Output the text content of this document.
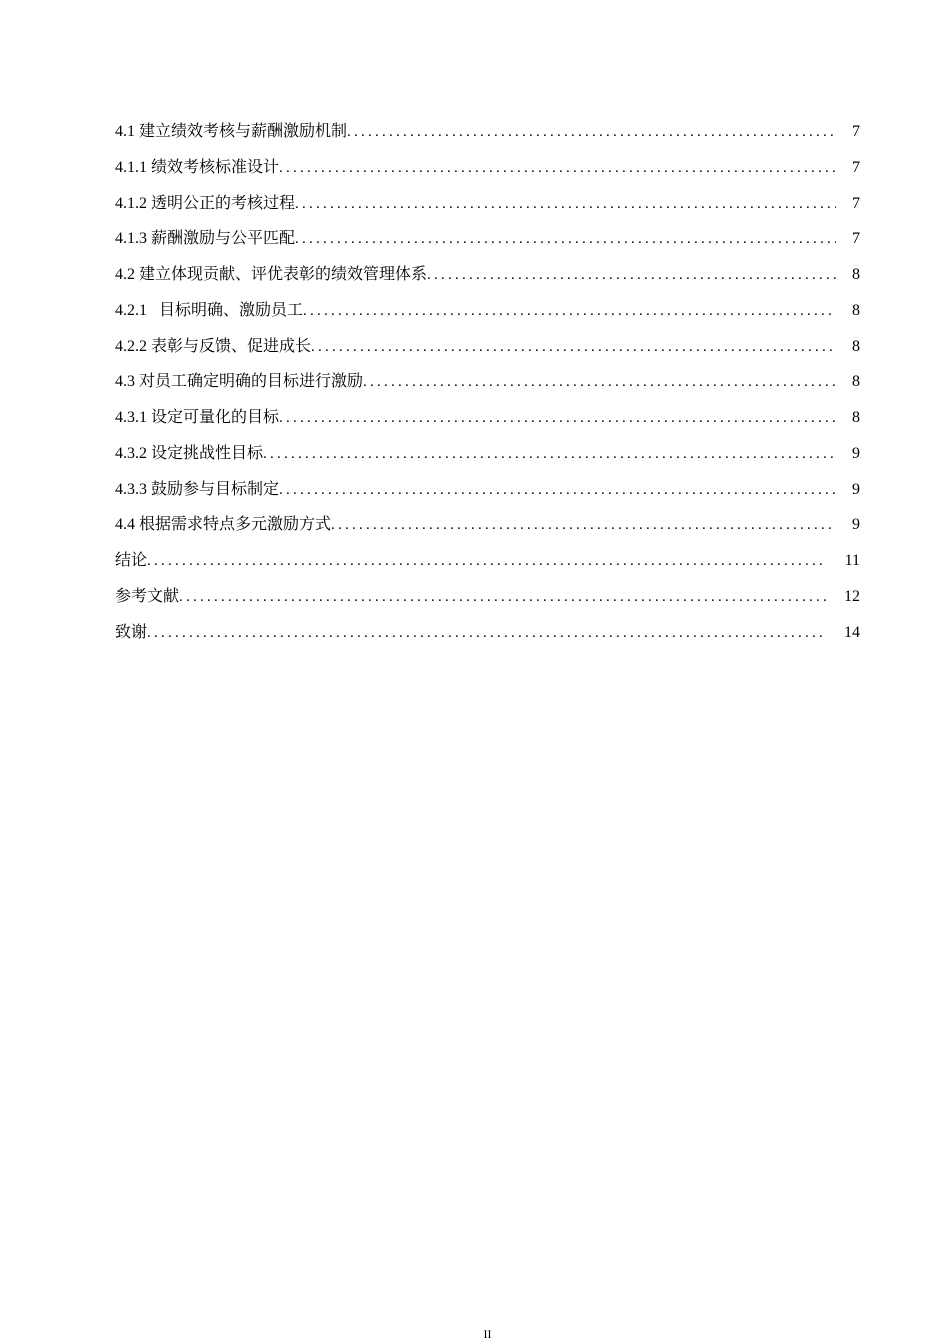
4.1 建立绩效考核与薪酬激励机制 . . .	7
4.1.1 绩效考核标准设计 . . .	7
4.1.2 透明公正的考核过程 . . .	7
4.1.3 薪酬激励与公平匹配 . . .	7
4.2 建立体现贡献、评优表彰的绩效管理体系 . . .	8
4.2.1   目标明确、激励员工 . . .	8
4.2.2 表彰与反馈、促进成长 . . .	8
4.3 对员工确定明确的目标进行激励 . . .	8
4.3.1 设定可量化的目标 . . .	8
4.3.2 设定挑战性目标 . . .	9
4.3.3 鼓励参与目标制定 . . .	9
4.4 根据需求特点多元激励方式 . . .	9
结论 . . .	11
参考文献 . . .	12
致谢 . . .	14
II
